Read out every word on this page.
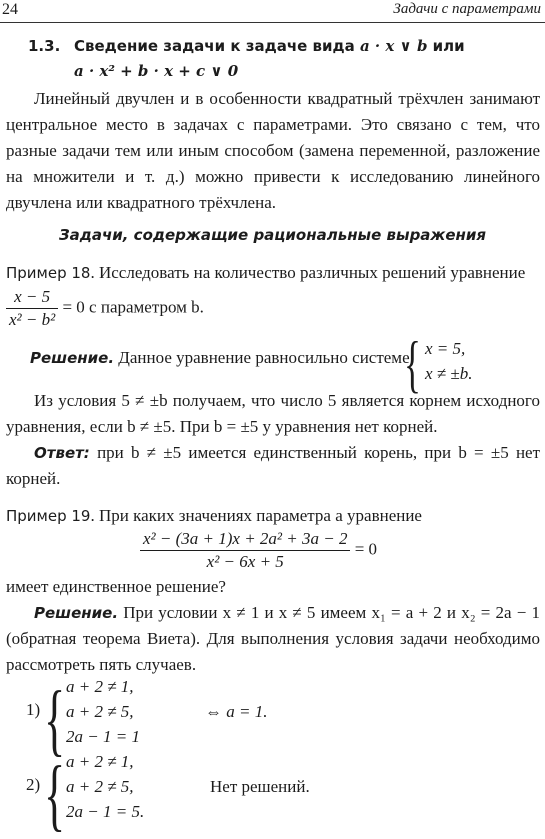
24	Задачи с параметрами
1.3. Сведение задачи к задаче вида a · x ∨ b или
a · x² + b · x + c ∨ 0
Линейный двучлен и в особенности квадратный трёхчлен занимают центральное место в задачах с параметрами. Это связано с тем, что разные задачи тем или иным способом (замена переменной, разложение на множители и т. д.) можно привести к исследованию линейного двучлена или квадратного трёхчлена.
Задачи, содержащие рациональные выражения
Пример 18. Исследовать на количество различных решений уравнение
$\frac{x - 5}{\text{x² − b²}} = 0$ с параметром b.
Решение. Данное уравнение равносильно системе
{ x = 5,
x ≠ ±b.
Из условия 5 ≠ ±b получаем, что число 5 является корнем исходного уравнения, если b ≠ ±5. При b = ±5 у уравнения нет корней.
Ответ: при b ≠ ±5 имеется единственный корень, при b = ±5 нет корней.
Пример 19. При каких значениях параметра a уравнение
$\frac{\text{x² − (3a + 1)x + 2a² + 3a − 2}}{\text{x² − 6x + 5}} = 0$
имеет единственное решение?
Решение. При условии x ≠ 1 и x ≠ 5 имеем x₁ = a + 2 и x₂ = 2a − 1 (обратная теорема Виета). Для выполнения условия задачи необходимо рассмотреть пять случаев.
1) { a + 2 ≠ 1,
a + 2 ≠ 5,
2a − 1 = 1
⇔ a = 1.
2) { a + 2 ≠ 1,
a + 2 ≠ 5,
2a − 1 = 5.
Нет решений.
